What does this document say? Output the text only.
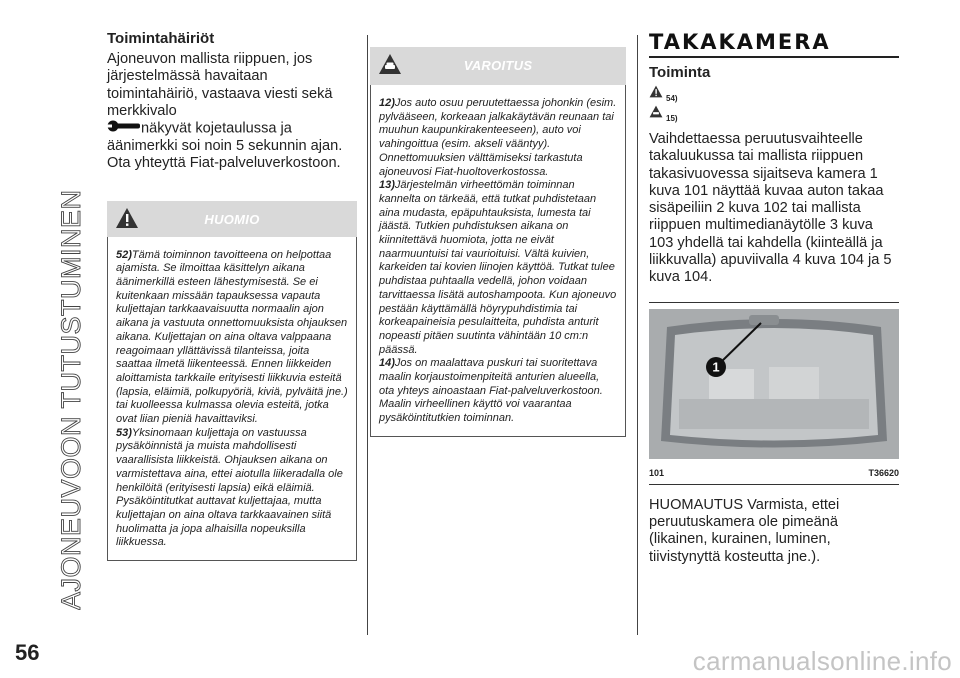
AJONEUVOON TUTUSTUMINEN
56	carmanualsonline.info
Toimintahäiriöt

Ajoneuvon mallista riippuen, jos järjestelmässä havaitaan toimintahäiriö, vastaava viesti sekä merkkivalo
näkyvät kojetaulussa ja äänimerkki soi noin 5 sekunnin ajan. Ota yhteyttä Fiat-palveluverkostoon.

HUOMIO

52)Tämä toiminnon tavoitteena on helpottaa ajamista. Se ilmoittaa käsittelyn aikana äänimerkillä esteen lähestymisestä. Se ei kuitenkaan missään tapauksessa vapauta kuljettajan tarkkaavaisuutta normaalin ajon aikana ja vastuuta onnettomuuksista ohjauksen aikana. Kuljettajan on aina oltava valppaana reagoimaan yllättävissä tilanteissa, joita saattaa ilmetä liikenteessä. Ennen liikkeiden aloittamista tarkkaile erityisesti liikkuvia esteitä (lapsia, eläimiä, polkupyöriä, kiviä, pylväitä jne.) tai kuolleessa kulmassa olevia esteitä, jotka ovat liian pieniä havaittaviksi.

53)Yksinomaan kuljettaja on vastuussa pysäköinnistä ja muista mahdollisesti vaarallisista liikkeistä. Ohjauksen aikana on varmistettava aina, ettei aiotulla liikeradalla ole henkilöitä (erityisesti lapsia) eikä eläimiä. Pysäköintitutkat auttavat kuljettajaa, mutta kuljettajan on aina oltava tarkkaavainen siitä huolimatta ja jopa alhaisilla nopeuksilla liikkuessa.

VAROITUS

12)Jos auto osuu peruutettaessa johonkin (esim. pylvääseen, korkeaan jalkakäytävän reunaan tai muuhun kaupunkirakenteeseen), auto voi vahingoittua (esim. akseli vääntyy). Onnettomuuksien välttämiseksi tarkastuta ajoneuvosi Fiat-huoltoverkostossa.

13)Järjestelmän virheettömän toiminnan kannelta on tärkeää, että tutkat puhdistetaan aina mudasta, epäpuhtauksista, lumesta tai jäästä. Tutkien puhdistuksen aikana on kiinnitettävä huomiota, jotta ne eivät naarmuuntuisi tai vaurioituisi. Vältä kuivien, karkeiden tai kovien liinojen käyttöä. Tutkat tulee puhdistaa puhtaalla vedellä, johon voidaan tarvittaessa lisätä autoshampoota. Kun ajoneuvo pestään käyttämällä höyrypuhdistimia tai korkeapaineisia pesulaitteita, puhdista anturit nopeasti pitäen suutinta vähintään 10 cm:n päässä.

14)Jos on maalattava puskuri tai suoritettava maalin korjaustoimenpiteitä anturien alueella, ota yhteys ainoastaan Fiat-palveluverkostoon. Maalin virheellinen käyttö voi vaarantaa pysäköintitutkien toiminnan.

TAKAKAMERA
Toiminta
54)
15)

Vaihdettaessa peruutusvaihteelle takaluukussa tai mallista riippuen takasivuovessa sijaitseva kamera 1 kuva 101 näyttää kuvaa auton takaa sisäpeiliin 2 kuva 102 tai mallista riippuen multimedianäytölle 3 kuva 103 yhdellä tai kahdella (kiinteällä ja liikkuvalla) apuviivalla 4 kuva 104 ja 5 kuva 104.

1
101	T36620

HUOMAUTUS Varmista, ettei peruutuskamera ole pimeänä (likainen, kurainen, luminen, tiivistynyttä kosteutta jne.).
